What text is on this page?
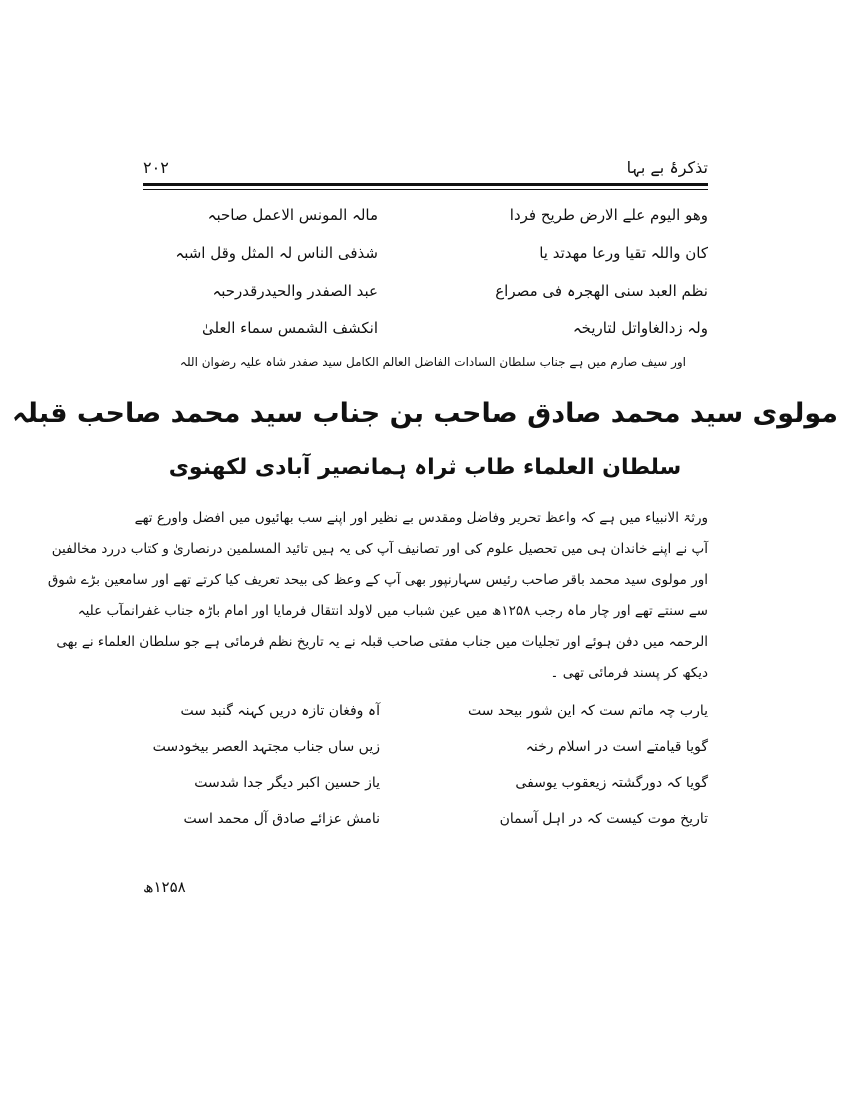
تذکرۂ بے بہا
۲۰۲
وھو الیوم علے الارض طریح فردا
مالہ المونس الاعمل صاحبہ
کان واللہ تقیا ورعا مھدتد یا
شذفی الناس لہ المثل وقل اشبہ
نظم العبد سنی الھجرہ فی مصراع
عبد الصفدر والحیدرقدرحبہ
ولہ زدالغاواتل لتاریخہ
انکشف الشمس سماء العلیٰ
اور سیف صارم میں ہے جناب سلطان السادات الفاضل العالم الکامل سید صفدر شاہ علیہ رضوان اللہ
مولوی سید محمد صادق صاحب بن جناب سید محمد صاحب قبلہ
سلطان العلماء طاب ثراہ ہمانصیر آبادی لکھنوی
ورثۃ الانبیاء میں ہے کہ واعظ تحریر وفاضل ومقدس بے نظیر اور اپنے سب بھائیوں میں افضل واورع تھے
آپ نے اپنے خاندان ہی میں تحصیل علوم کی اور تصانیف آپ کی یہ ہیں تائید المسلمین درنصاریٰ و کتاب دررد مخالفین
اور مولوی سید محمد باقر صاحب رئیس سہارنپور بھی آپ کے وعظ کی بیحد تعریف کیا کرتے تھے اور سامعین بڑے شوق
سے سنتے تھے اور چار ماہ رجب ۱۲۵۸ھ میں عین شباب میں لاولد انتقال فرمایا اور امام باڑہ جناب غفرانمآب علیہ
الرحمہ میں دفن ہوئے اور تجلیات میں جناب مفتی صاحب قبلہ نے یہ تاریخ نظم فرمائی ہے جو سلطان العلماء نے بھی
دیکھ کر پسند فرمائی تھی ۔
یارب چہ ماتم ست کہ این شور بیحد ست
آہ وفغان تازہ دریں کہنہ گنبد ست
گویا قیامتے است در اسلام رخنہ
زیں ساں جناب مجتہد العصر بیخودست
گویا کہ دورگشتہ زیعقوب یوسفی
یاز حسین اکبر دیگر جدا شدست
تاریخ موت کیست کہ در اہل آسمان
نامش عزائے صادق آل محمد است
۱۲۵۸ھ
